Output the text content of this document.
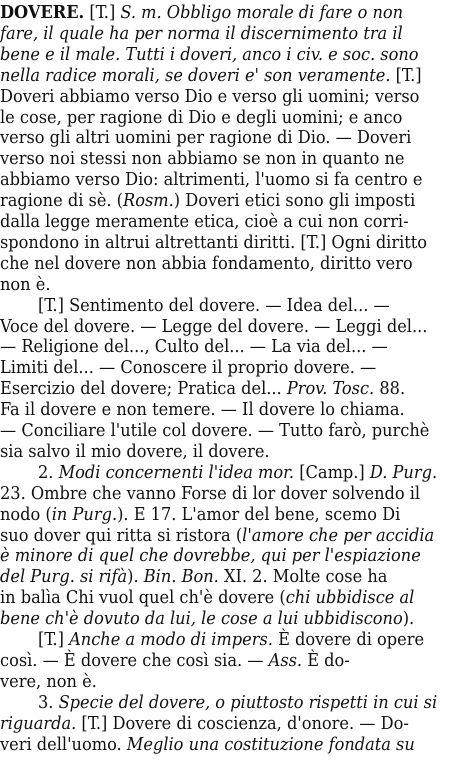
DOVERE. [T.] S. m. Obbligo morale di fare o non
fare, il quale ha per norma il discernimento tra il
bene e il male. Tutti i doveri, anco i civ. e soc. sono
nella radice morali, se doveri e' son veramente. [T.]
Doveri abbiamo verso Dio e verso gli uomini; verso
le cose, per ragione di Dio e degli uomini; e anco
verso gli altri uomini per ragione di Dio. — Doveri
verso noi stessi non abbiamo se non in quanto ne
abbiamo verso Dio: altrimenti, l'uomo si fa centro e
ragione di sè. (Rosm.) Doveri etici sono gli imposti
dalla legge meramente etica, cioè a cui non corri-
spondono in altrui altrettanti diritti. [T.] Ogni diritto
che nel dovere non abbia fondamento, diritto vero
non è.
[T.] Sentimento del dovere. — Idea del... —
Voce del dovere. — Legge del dovere. — Leggi del...
— Religione del..., Culto del... — La via del... —
Limiti del... — Conoscere il proprio dovere. —
Esercizio del dovere; Pratica del... Prov. Tosc. 88.
Fa il dovere e non temere. — Il dovere lo chiama.
— Conciliare l'utile col dovere. — Tutto farò, purchè
sia salvo il mio dovere, il dovere.
2. Modi concernenti l'idea mor. [Camp.] D. Purg.
23. Ombre che vanno Forse di lor dover solvendo il
nodo (in Purg.). E 17. L'amor del bene, scemo Di
suo dover qui ritta si ristora (l'amore che per accidia
è minore di quel che dovrebbe, qui per l'espiazione
del Purg. si rifà). Bin. Bon. XI. 2. Molte cose ha
in balìa Chi vuol quel ch'è dovere (chi ubbidisce al
bene ch'è dovuto da lui, le cose a lui ubbidiscono).
[T.] Anche a modo di impers. È dovere di opere
così. — È dovere che così sia. — Ass. È do-
vere, non è.
3. Specie del dovere, o piuttosto rispetti in cui si
riguarda. [T.] Dovere di coscienza, d'onore. — Do-
veri dell'uomo. Meglio una costituzione fondata su
